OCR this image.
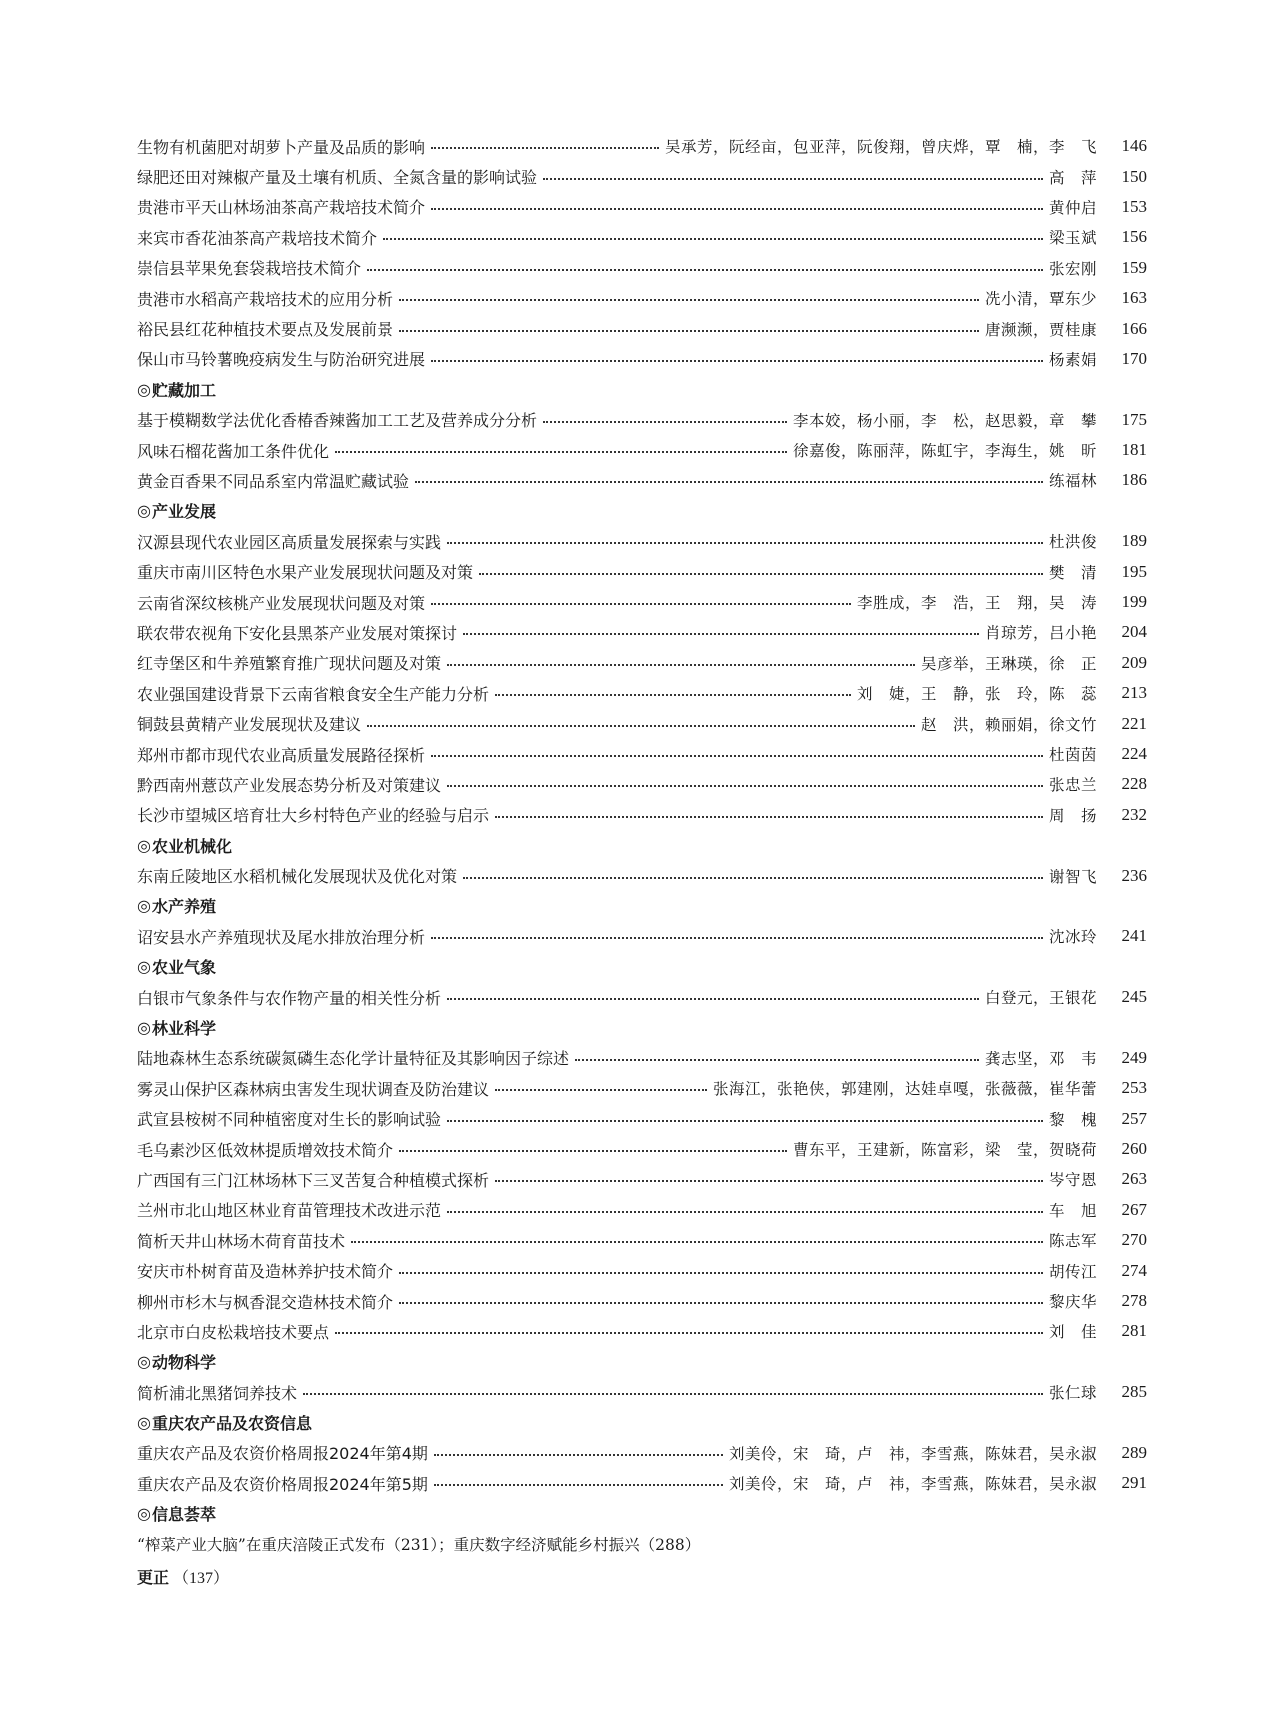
生物有机菌肥对胡萝卜产量及品质的影响	吴承芳，阮经亩，包亚萍，阮俊翔，曾庆烨，覃　楠，李　飞	146
绿肥还田对辣椒产量及土壤有机质、全氮含量的影响试验	高　萍	150
贵港市平天山林场油茶高产栽培技术简介	黄仲启	153
来宾市香花油茶高产栽培技术简介	梁玉斌	156
崇信县苹果免套袋栽培技术简介	张宏刚	159
贵港市水稻高产栽培技术的应用分析	冼小清，覃东少	163
裕民县红花种植技术要点及发展前景	唐濒濒，贾桂康	166
保山市马铃薯晚疫病发生与防治研究进展	杨素娟	170
◎ 贮藏加工
基于模糊数学法优化香椿香辣酱加工工艺及营养成分分析	李本姣，杨小丽，李　松，赵思毅，章　攀	175
风味石榴花酱加工条件优化	徐嘉俊，陈丽萍，陈虹宇，李海生，姚　昕	181
黄金百香果不同品系室内常温贮藏试验	练福林	186
◎ 产业发展
汉源县现代农业园区高质量发展探索与实践	杜洪俊	189
重庆市南川区特色水果产业发展现状问题及对策	樊　清	195
云南省深纹核桃产业发展现状问题及对策	李胜成，李　浩，王　翔，吴　涛	199
联农带农视角下安化县黑茶产业发展对策探讨	肖琼芳，吕小艳	204
红寺堡区和牛养殖繁育推广现状问题及对策	吴彦举，王琳瑛，徐　正	209
农业强国建设背景下云南省粮食安全生产能力分析	刘　婕，王　静，张　玲，陈　蕊	213
铜鼓县黄精产业发展现状及建议	赵　洪，赖丽娟，徐文竹	221
郑州市都市现代农业高质量发展路径探析	杜茵茵	224
黔西南州薏苡产业发展态势分析及对策建议	张忠兰	228
长沙市望城区培育壮大乡村特色产业的经验与启示	周　扬	232
◎ 农业机械化
东南丘陵地区水稻机械化发展现状及优化对策	谢智飞	236
◎ 水产养殖
诏安县水产养殖现状及尾水排放治理分析	沈冰玲	241
◎ 农业气象
白银市气象条件与农作物产量的相关性分析	白登元，王银花	245
◎ 林业科学
陆地森林生态系统碳氮磷生态化学计量特征及其影响因子综述	龚志坚，邓　韦	249
雾灵山保护区森林病虫害发生现状调查及防治建议	张海江，张艳侠，郭建刚，达娃卓嘎，张薇薇，崔华蕾	253
武宣县桉树不同种植密度对生长的影响试验	黎　槐	257
毛乌素沙区低效林提质增效技术简介	曹东平，王建新，陈富彩，梁　莹，贺晓荷	260
广西国有三门江林场林下三叉苦复合种植模式探析	岑守恩	263
兰州市北山地区林业育苗管理技术改进示范	车　旭	267
简析天井山林场木荷育苗技术	陈志军	270
安庆市朴树育苗及造林养护技术简介	胡传江	274
柳州市杉木与枫香混交造林技术简介	黎庆华	278
北京市白皮松栽培技术要点	刘　佳	281
◎ 动物科学
简析浦北黑猪饲养技术	张仁球	285
◎ 重庆农产品及农资信息
重庆农产品及农资价格周报2024年第4期	刘美伶，宋　琦，卢　祎，李雪燕，陈妹君，吴永淑	289
重庆农产品及农资价格周报2024年第5期	刘美伶，宋　琦，卢　祎，李雪燕，陈妹君，吴永淑	291
◎ 信息荟萃
“榨菜产业大脑”在重庆涪陵正式发布（231）；重庆数字经济赋能乡村振兴（288）
更正 （137）
